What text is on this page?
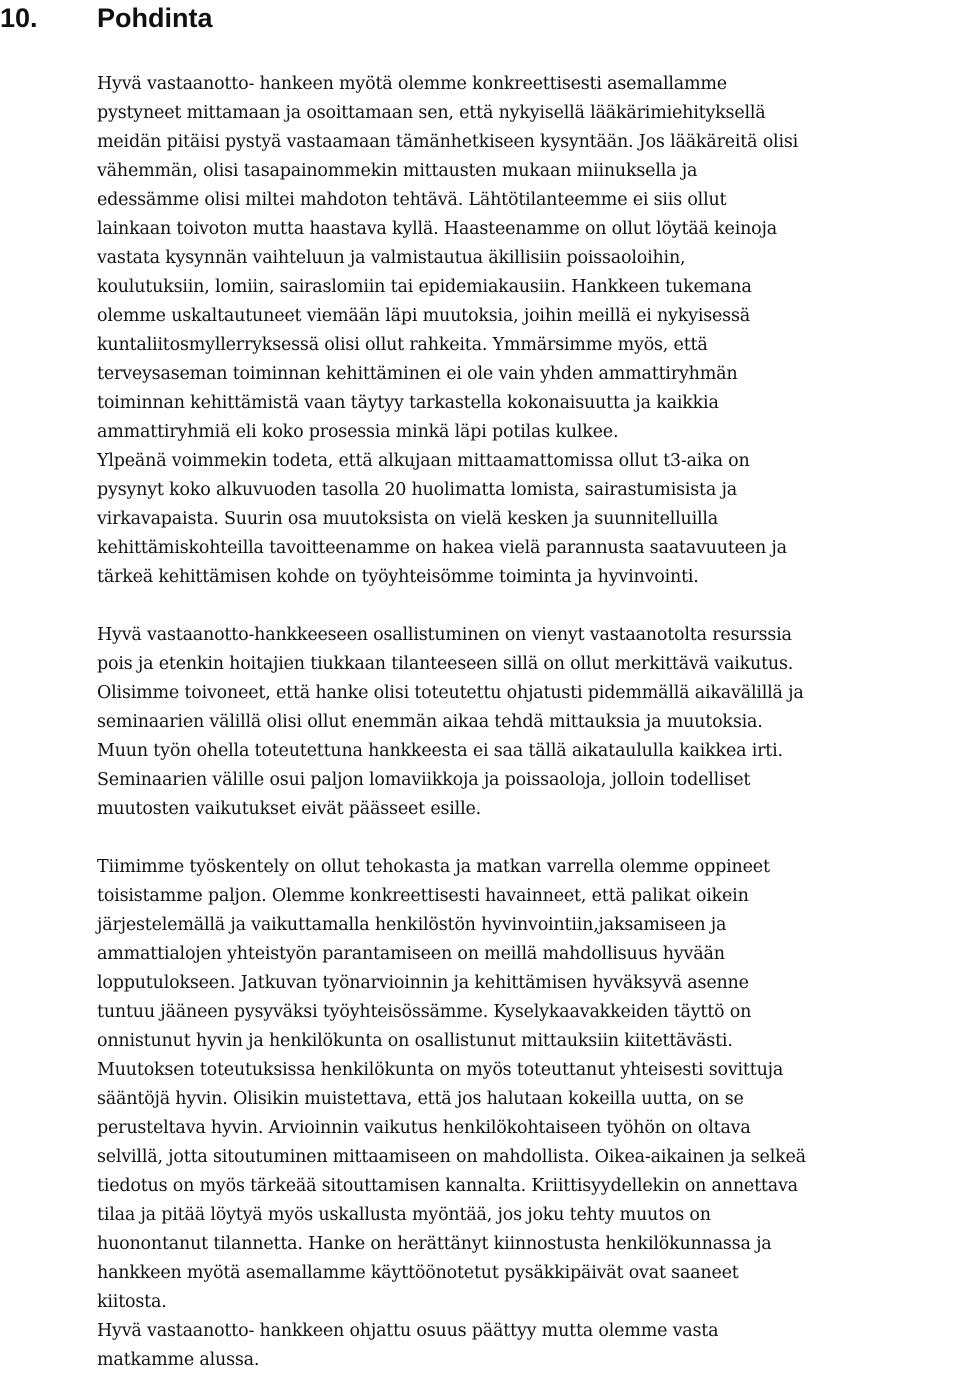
10. Pohdinta
Hyvä vastaanotto- hankeen myötä olemme konkreettisesti asemallamme
pystyneet mittamaan ja osoittamaan sen, että nykyisellä lääkärimiehityksellä
meidän pitäisi pystyä vastaamaan tämänhetkiseen kysyntään. Jos lääkäreitä olisi
vähemmän, olisi tasapainommekin mittausten mukaan miinuksella ja
edessämme olisi miltei mahdoton tehtävä. Lähtötilanteemme ei siis ollut
lainkaan toivoton mutta haastava kyllä. Haasteenamme on ollut löytää keinoja
vastata kysynnän vaihteluun ja valmistautua äkillisiin poissaoloihin,
koulutuksiin, lomiin, sairaslomiin tai epidemiakausiin. Hankkeen tukemana
olemme uskaltautuneet viemään läpi muutoksia, joihin meillä ei nykyisessä
kuntaliitosmyllerryksessä olisi ollut rahkeita. Ymmärsimme myös, että
terveysaseman toiminnan kehittäminen ei ole vain yhden ammattiryhmän
toiminnan kehittämistä vaan täytyy tarkastella kokonaisuutta ja kaikkia
ammattiryhmiä eli koko prosessia minkä läpi potilas kulkee.
Ylpeänä voimmekin todeta, että alkujaan mittaamattomissa ollut t3-aika on
pysynyt koko alkuvuoden tasolla 20 huolimatta lomista, sairastumisista ja
virkavapaista. Suurin osa muutoksista on vielä kesken ja suunnitelluilla
kehittämiskohteilla tavoitteenamme on hakea vielä parannusta saatavuuteen ja
tärkeä kehittämisen kohde on työyhteisömme toiminta ja hyvinvointi.
Hyvä vastaanotto-hankkeeseen osallistuminen on vienyt vastaanotolta resurssia
pois ja etenkin hoitajien tiukkaan tilanteeseen sillä on ollut merkittävä vaikutus.
Olisimme toivoneet, että hanke olisi toteutettu ohjatusti pidemmällä aikavälillä ja
seminaarien välillä olisi ollut enemmän aikaa tehdä mittauksia ja muutoksia.
Muun työn ohella toteutettuna hankkeesta ei saa tällä aikataululla kaikkea irti.
Seminaarien välille osui paljon lomaviikkoja ja poissaoloja, jolloin todelliset
muutosten vaikutukset eivät päässeet esille.
Tiimimme työskentely on ollut tehokasta ja matkan varrella olemme oppineet
toisistamme paljon. Olemme konkreettisesti havainneet, että palikat oikein
järjestelemällä ja vaikuttamalla henkilöstön hyvinvointiin,jaksamiseen ja
ammattialojen yhteistyön parantamiseen on meillä mahdollisuus hyvään
lopputulokseen. Jatkuvan työnarvioinnin ja kehittämisen hyväksyvä asenne
tuntuu jääneen pysyväksi työyhteisössämme. Kyselykaavakkeiden täyttö on
onnistunut hyvin ja henkilökunta on osallistunut mittauksiin kiitettävästi.
Muutoksen toteutuksissa henkilökunta on myös toteuttanut yhteisesti sovittuja
sääntöjä hyvin. Olisikin muistettava, että jos halutaan kokeilla uutta, on se
perusteltava hyvin. Arvioinnin vaikutus henkilökohtaiseen työhön on oltava
selvillä, jotta sitoutuminen mittaamiseen on mahdollista. Oikea-aikainen ja selkeä
tiedotus on myös tärkeää sitouttamisen kannalta. Kriittisyydellekin on annettava
tilaa ja pitää löytyä myös uskallusta myöntää, jos joku tehty muutos on
huonontanut tilannetta. Hanke on herättänyt kiinnostusta henkilökunnassa ja
hankkeen myötä asemallamme käyttöönotetut pysäkkipäivät ovat saaneet
kiitosta.
Hyvä vastaanotto- hankkeen ohjattu osuus päättyy mutta olemme vasta
matkamme alussa.
